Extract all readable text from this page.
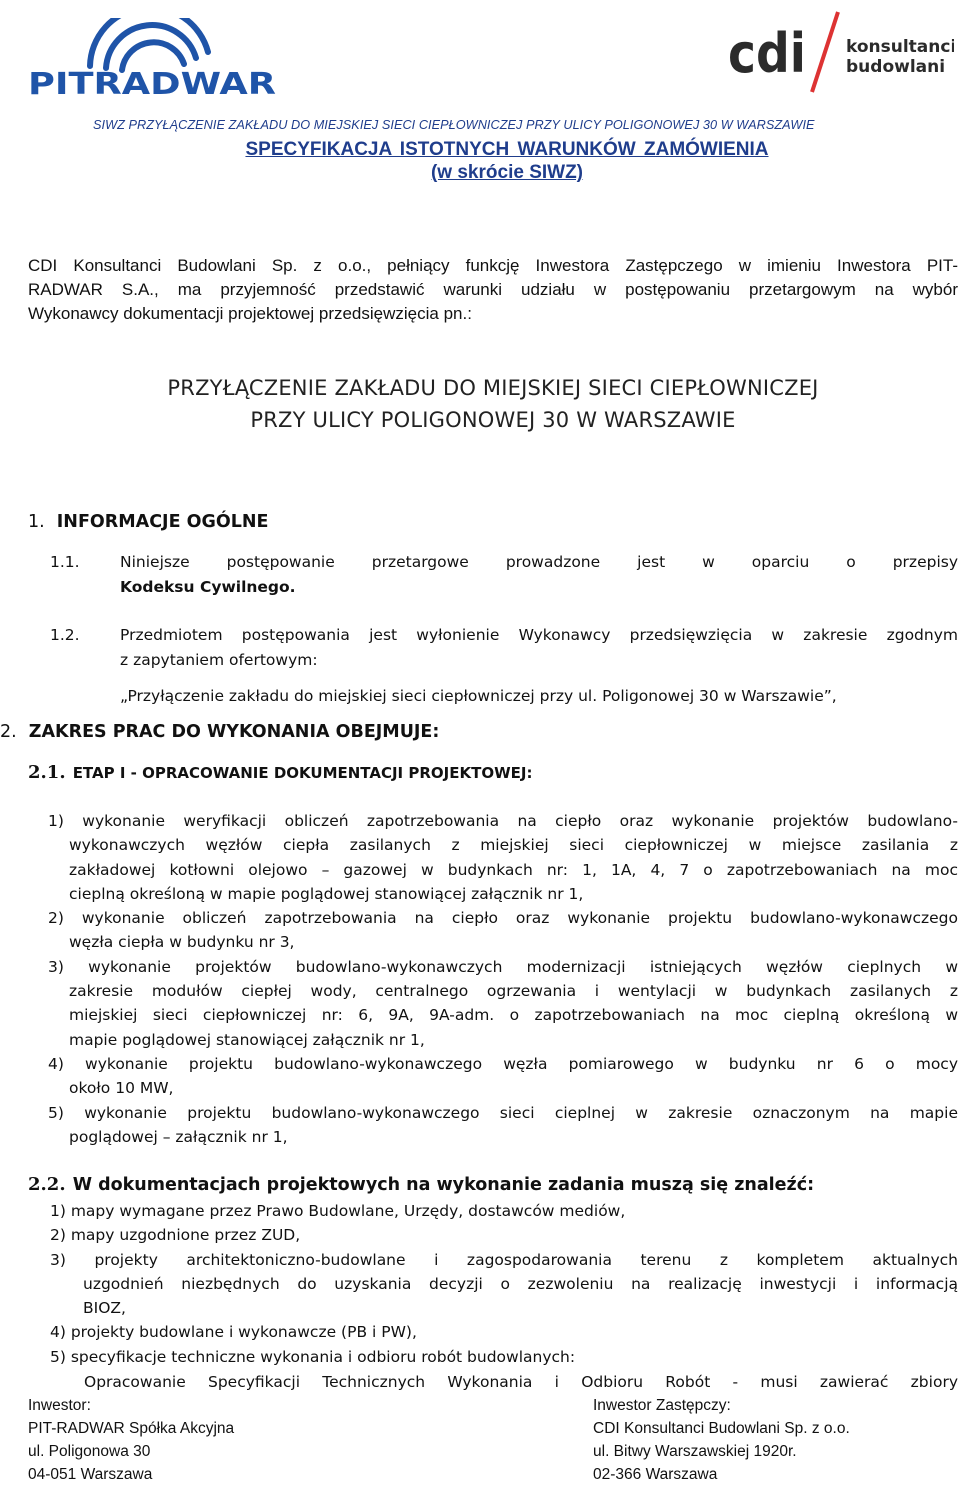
PITRADWAR	cdi konsultanci
budowlani
SIWZ PRZYŁĄCZENIE ZAKŁADU DO MIEJSKIEJ SIECI CIEPŁOWNICZEJ PRZY ULICY POLIGONOWEJ 30 W WARSZAWIE
SPECYFIKACJA ISTOTNYCH WARUNKÓW ZAMÓWIENIA
(w skrócie SIWZ)
CDI Konsultanci Budowlani Sp. z o.o., pełniący funkcję Inwestora Zastępczego w imieniu Inwestora PIT-
RADWAR S.A., ma przyjemność przedstawić warunki udziału w postępowaniu przetargowym na wybór
Wykonawcy dokumentacji projektowej przedsięwzięcia pn.:
PRZYŁĄCZENIE ZAKŁADU DO MIEJSKIEJ SIECI CIEPŁOWNICZEJ
PRZY ULICY POLIGONOWEJ 30 W WARSZAWIE
1. INFORMACJE OGÓLNE
1.1.	Niniejsze postępowanie przetargowe prowadzone jest w oparciu o przepisy
Kodeksu Cywilnego.
1.2.	Przedmiotem postępowania jest wyłonienie Wykonawcy przedsięwzięcia w zakresie zgodnym
z zapytaniem ofertowym:
„Przyłączenie zakładu do miejskiej sieci ciepłowniczej przy ul. Poligonowej 30 w Warszawie”,
2. ZAKRES PRAC DO WYKONANIA OBEJMUJE:
2.1. ETAP I - OPRACOWANIE DOKUMENTACJI PROJEKTOWEJ:
1) wykonanie weryfikacji obliczeń zapotrzebowania na ciepło oraz wykonanie projektów budowlano-
wykonawczych węzłów ciepła zasilanych z miejskiej sieci ciepłowniczej w miejsce zasilania z
zakładowej kotłowni olejowo – gazowej w budynkach nr: 1, 1A, 4, 7 o zapotrzebowaniach na moc
cieplną określoną w mapie poglądowej stanowiącej załącznik nr 1,
2) wykonanie obliczeń zapotrzebowania na ciepło oraz wykonanie projektu budowlano-wykonawczego
węzła ciepła w budynku nr 3,
3) wykonanie projektów budowlano-wykonawczych modernizacji istniejących węzłów cieplnych w
zakresie modułów ciepłej wody, centralnego ogrzewania i wentylacji w budynkach zasilanych z
miejskiej sieci ciepłowniczej nr: 6, 9A, 9A-adm. o zapotrzebowaniach na moc cieplną określoną w
mapie poglądowej stanowiącej załącznik nr 1,
4) wykonanie projektu budowlano-wykonawczego węzła pomiarowego w budynku nr 6 o mocy
około 10 MW,
5) wykonanie projektu budowlano-wykonawczego sieci cieplnej w zakresie oznaczonym na mapie
poglądowej – załącznik nr 1,
2.2. W dokumentacjach projektowych na wykonanie zadania muszą się znaleźć:
1) mapy wymagane przez Prawo Budowlane, Urzędy, dostawców mediów,
2) mapy uzgodnione przez ZUD,
3) projekty architektoniczno-budowlane i zagospodarowania terenu z kompletem aktualnych
uzgodnień niezbędnych do uzyskania decyzji o zezwoleniu na realizację inwestycji i informacją
BIOZ,
4) projekty budowlane i wykonawcze (PB i PW),
5) specyfikacje techniczne wykonania i odbioru robót budowlanych:
Opracowanie Specyfikacji Technicznych Wykonania i Odbioru Robót - musi zawierać zbiory
Inwestor:
PIT-RADWAR Spółka Akcyjna
ul. Poligonowa 30
04-051 Warszawa
Inwestor Zastępczy:
CDI Konsultanci Budowlani Sp. z o.o.
ul. Bitwy Warszawskiej 1920r.
02-366 Warszawa
